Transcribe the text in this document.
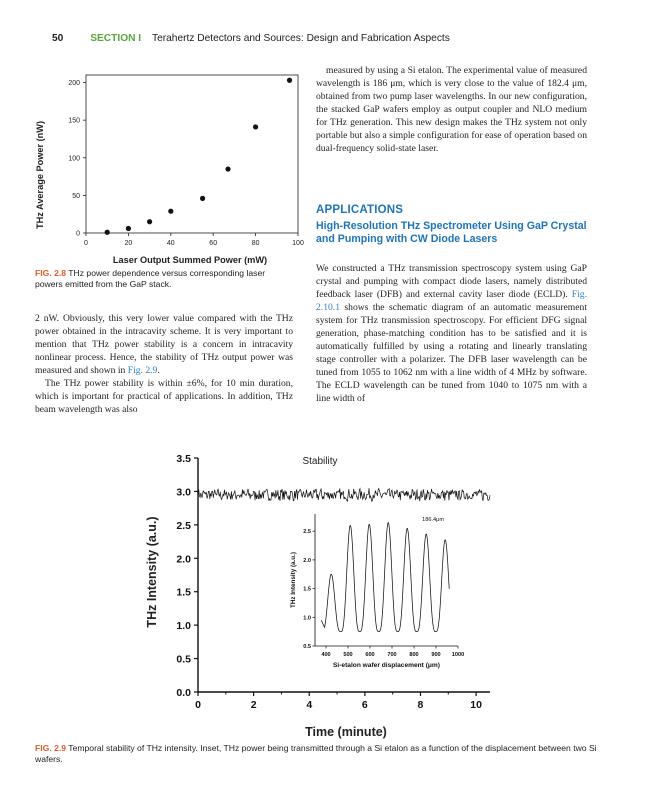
50	SECTION I Terahertz Detectors and Sources: Design and Fabrication Aspects
0	20	40	60	80	100
0
50
100
150
200
Laser Output Summed Power (mW)
THz Average Power (nW)
FIG. 2.8 THz power dependence versus corresponding laser powers emitted from the GaP stack.

2 nW. Obviously, this very lower value compared with the THz power obtained in the intracavity scheme. It is very important to mention that THz power stability is a concern in intracavity nonlinear process. Hence, the stability of THz output power was measured and shown in Fig. 2.9.

The THz power stability is within ±6%, for 10 min duration, which is important for practical of applications. In addition, THz beam wavelength was also

measured by using a Si etalon. The experimental value of measured wavelength is 186 μm, which is very close to the value of 182.4 μm, obtained from two pump laser wavelengths. In our new configuration, the stacked GaP wafers employ as output coupler and NLO medium for THz generation. This new design makes the THz system not only portable but also a simple configuration for ease of operation based on dual-frequency solid-state laser.

APPLICATIONS
High-Resolution THz Spectrometer Using GaP Crystal and Pumping with CW Diode Lasers

We constructed a THz transmission spectroscopy system using GaP crystal and pumping with compact diode lasers, namely distributed feedback laser (DFB) and external cavity laser diode (ECLD). Fig. 2.10.1 shows the schematic diagram of an automatic measurement system for THz transmission spectroscopy. For efficient DFG signal generation, phase-matching condition has to be satisfied and it is automatically fulfilled by using a rotating and linearly translating stage controller with a polarizer. The DFB laser wavelength can be tuned from 1055 to 1062 nm with a line width of 4 MHz by software. The ECLD wavelength can be tuned from 1040 to 1075 nm with a line width of

0	2	4	6	8	10
0.0
0.5
1.0
1.5
2.0
2.5
3.0
3.5	Stability
Time (minute)
THz Intensity (a.u.)
400 500 600 700 800 900 1000
0.5
1.0
1.5
2.0
2.5
Si-etalon wafer displacement (μm)
THz Intensity (a.u.)
186.4μm
FIG. 2.9 Temporal stability of THz intensity. Inset, THz power being transmitted through a Si etalon as a function of the displacement between two Si wafers.
